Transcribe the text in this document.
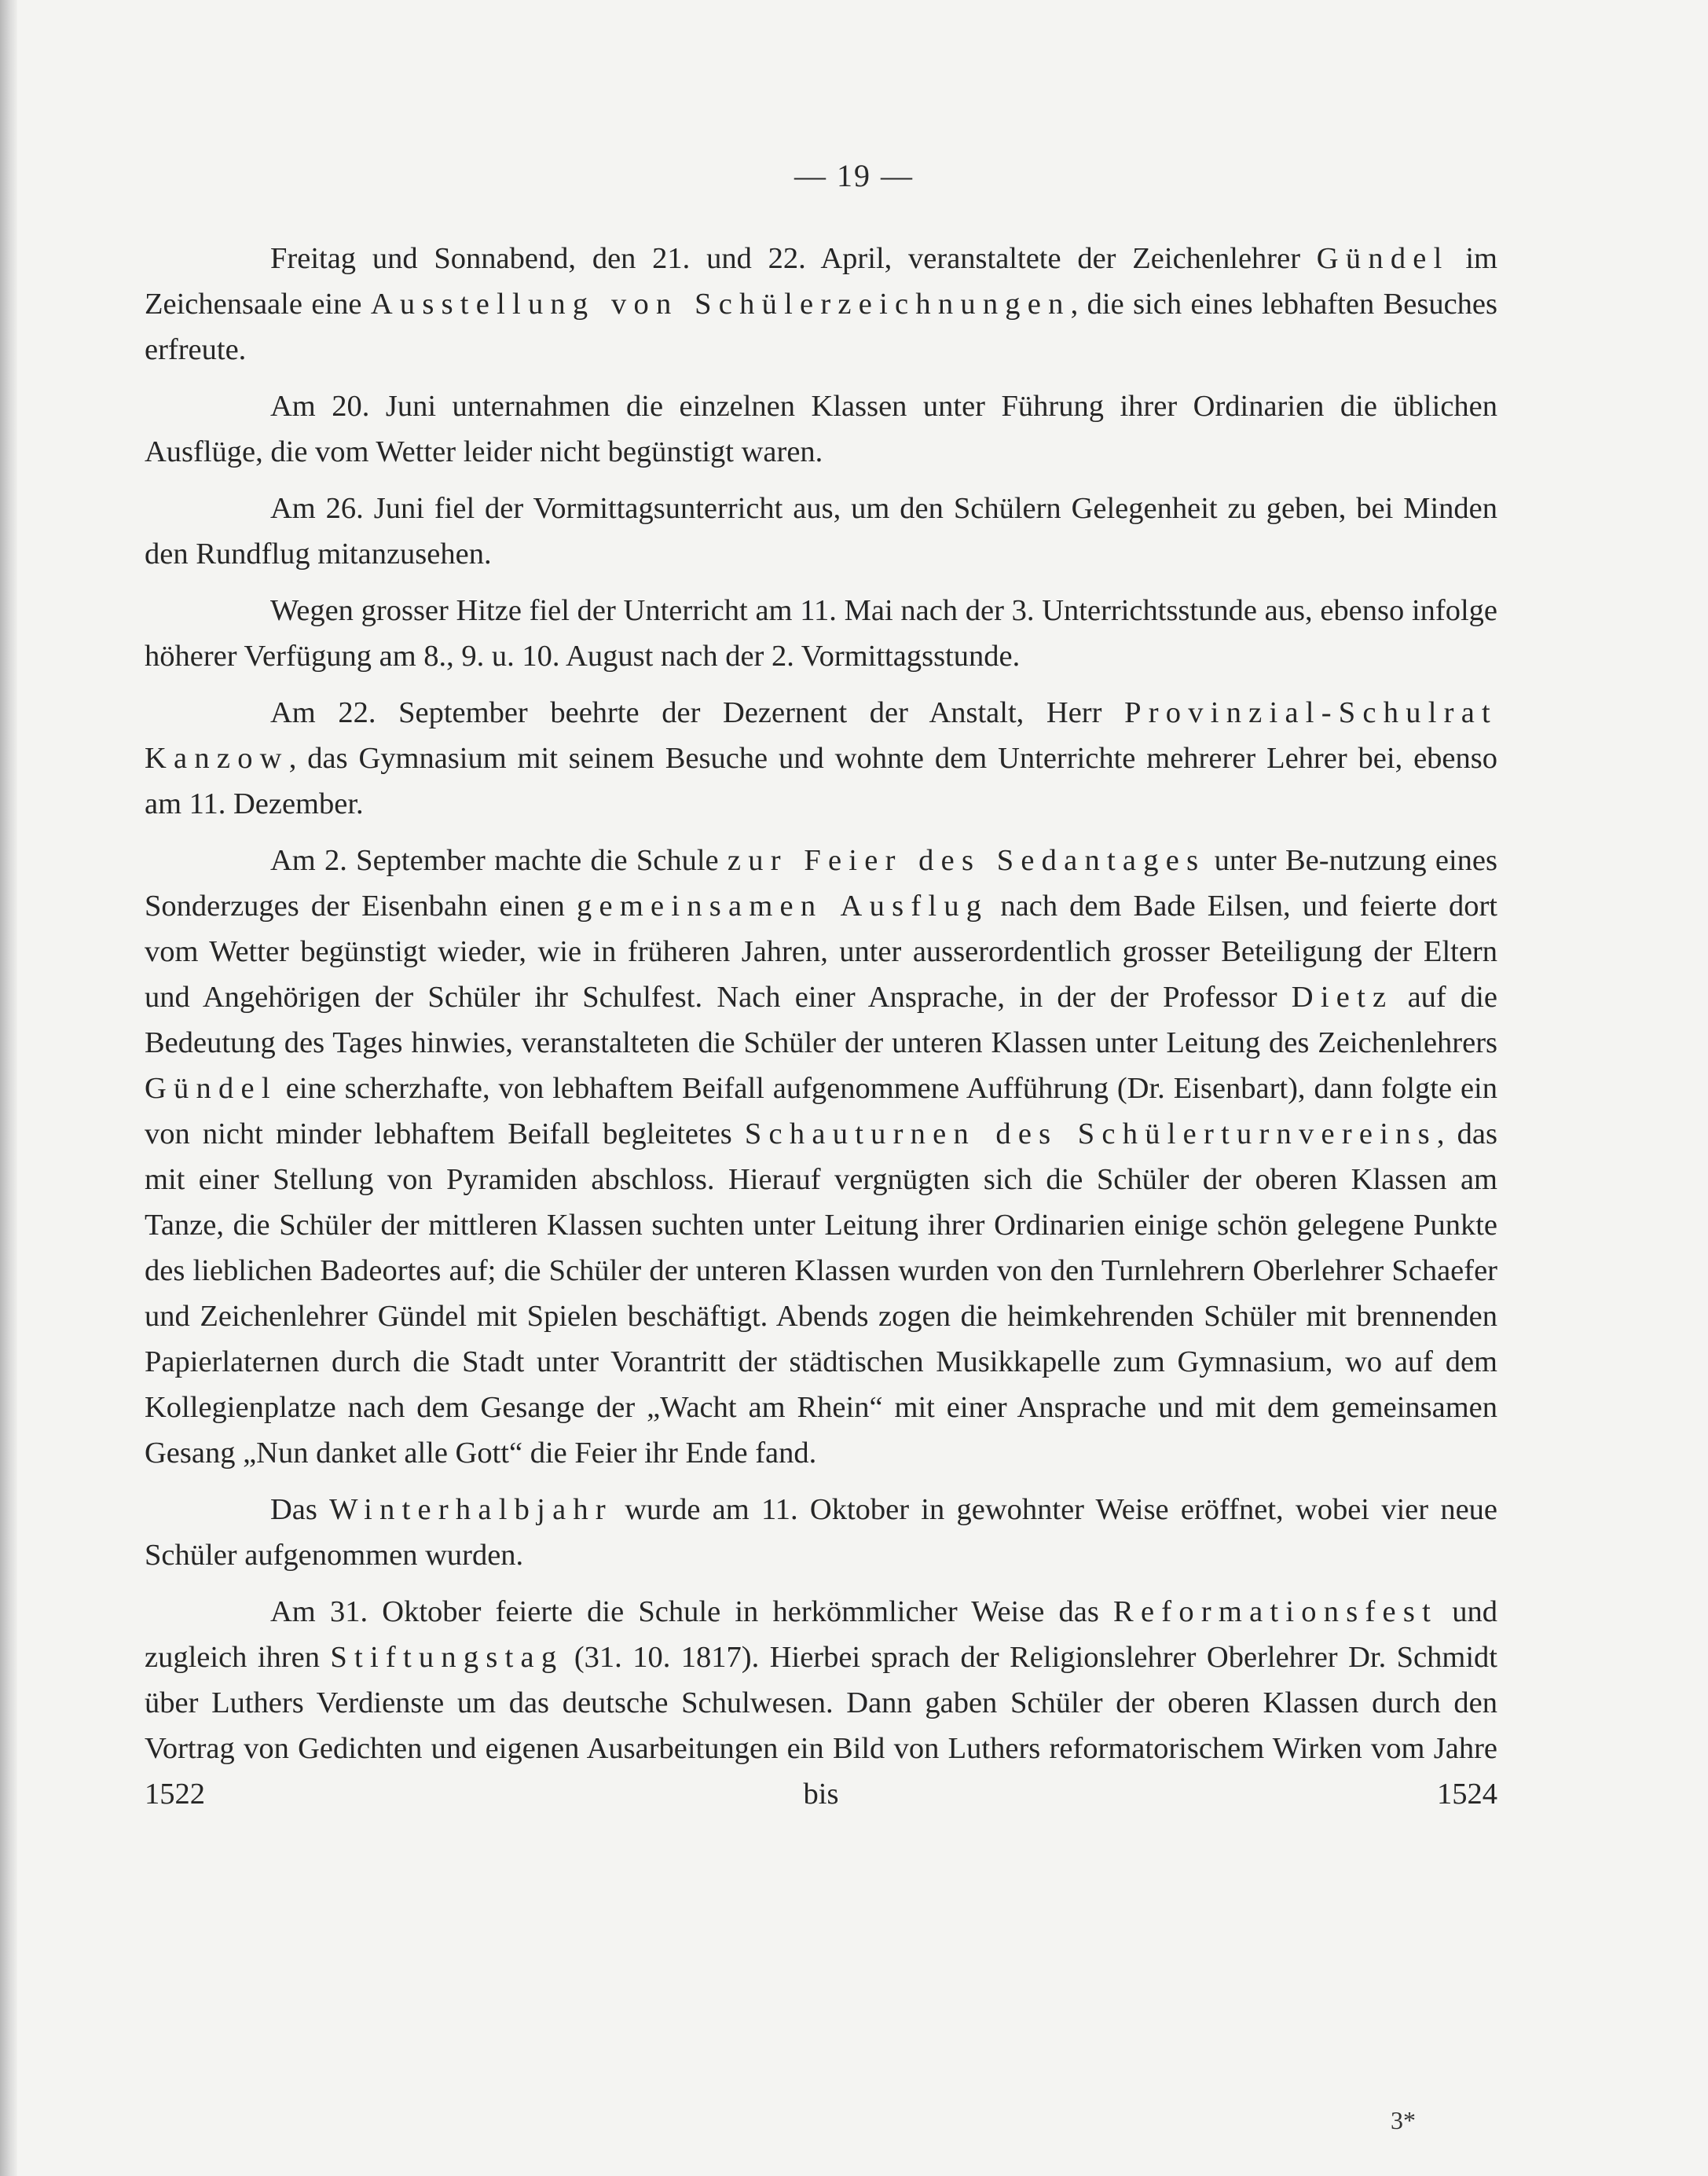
— 19 —

Freitag und Sonnabend, den 21. und 22. April, veranstaltete der Zeichenlehrer Gündel im Zeichensaale eine Ausstellung von Schülerzeichnungen, die sich eines lebhaften Besuches erfreute.

Am 20. Juni unternahmen die einzelnen Klassen unter Führung ihrer Ordinarien die üblichen Ausflüge, die vom Wetter leider nicht begünstigt waren.

Am 26. Juni fiel der Vormittagsunterricht aus, um den Schülern Gelegenheit zu geben, bei Minden den Rundflug mitanzusehen.

Wegen grosser Hitze fiel der Unterricht am 11. Mai nach der 3. Unterrichtsstunde aus, ebenso infolge höherer Verfügung am 8., 9. u. 10. August nach der 2. Vormittagsstunde.

Am 22. September beehrte der Dezernent der Anstalt, Herr Provinzial-Schulrat Kanzow, das Gymnasium mit seinem Besuche und wohnte dem Unterrichte mehrerer Lehrer bei, ebenso am 11. Dezember.

Am 2. September machte die Schule zur Feier des Sedantages unter Be-nutzung eines Sonderzuges der Eisenbahn einen gemeinsamen Ausflug nach dem Bade Eilsen, und feierte dort vom Wetter begünstigt wieder, wie in früheren Jahren, unter ausserordentlich grosser Beteiligung der Eltern und Angehörigen der Schüler ihr Schulfest. Nach einer Ansprache, in der der Professor Dietz auf die Bedeutung des Tages hinwies, veranstalteten die Schüler der unteren Klassen unter Leitung des Zeichenlehrers Gündel eine scherzhafte, von lebhaftem Beifall aufgenommene Aufführung (Dr. Eisenbart), dann folgte ein von nicht minder lebhaftem Beifall begleitetes Schauturnen des Schülerturnvereins, das mit einer Stellung von Pyramiden abschloss. Hierauf vergnügten sich die Schüler der oberen Klassen am Tanze, die Schüler der mittleren Klassen suchten unter Leitung ihrer Ordinarien einige schön gelegene Punkte des lieblichen Badeortes auf; die Schüler der unteren Klassen wurden von den Turnlehrern Oberlehrer Schaefer und Zeichenlehrer Gündel mit Spielen beschäftigt. Abends zogen die heimkehrenden Schüler mit brennenden Papierlaternen durch die Stadt unter Vorantritt der städtischen Musikkapelle zum Gymnasium, wo auf dem Kollegienplatze nach dem Gesange der „Wacht am Rhein“ mit einer Ansprache und mit dem gemeinsamen Gesang „Nun danket alle Gott“ die Feier ihr Ende fand.

Das Winterhalbjahr wurde am 11. Oktober in gewohnter Weise eröffnet, wobei vier neue Schüler aufgenommen wurden.

Am 31. Oktober feierte die Schule in herkömmlicher Weise das Reformationsfest und zugleich ihren Stiftungstag (31. 10. 1817). Hierbei sprach der Religionslehrer Oberlehrer Dr. Schmidt über Luthers Verdienste um das deutsche Schulwesen. Dann gaben Schüler der oberen Klassen durch den Vortrag von Gedichten und eigenen Ausarbeitungen ein Bild von Luthers reformatorischem Wirken vom Jahre 1522 bis 1524

3*
